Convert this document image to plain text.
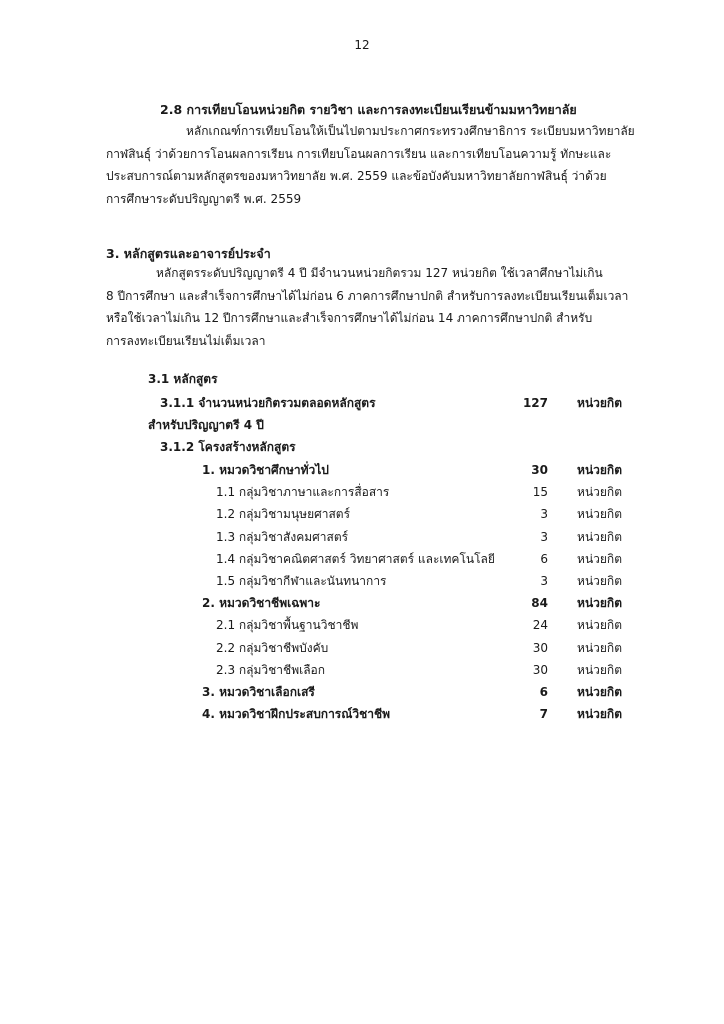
12
2.8 การเทียบโอนหน่วยกิต รายวิชา และการลงทะเบียนเรียนข้ามมหาวิทยาลัย

หลักเกณฑ์การเทียบโอนให้เป็นไปตามประกาศกระทรวงศึกษาธิการ ระเบียบมหาวิทยาลัย

กาฬสินธุ์ ว่าด้วยการโอนผลการเรียน การเทียบโอนผลการเรียน และการเทียบโอนความรู้ ทักษะและ

ประสบการณ์ตามหลักสูตรของมหาวิทยาลัย พ.ศ. 2559 และข้อบังคับมหาวิทยาลัยกาฬสินธุ์ ว่าด้วย

การศึกษาระดับปริญญาตรี พ.ศ. 2559

3. หลักสูตรและอาจารย์ประจำ

หลักสูตรระดับปริญญาตรี 4 ปี มีจำนวนหน่วยกิตรวม 127 หน่วยกิต ใช้เวลาศึกษาไม่เกิน

8 ปีการศึกษา และสำเร็จการศึกษาได้ไม่ก่อน 6 ภาคการศึกษาปกติ สำหรับการลงทะเบียนเรียนเต็มเวลา

หรือใช้เวลาไม่เกิน 12 ปีการศึกษาและสำเร็จการศึกษาได้ไม่ก่อน 14 ภาคการศึกษาปกติ สำหรับ

การลงทะเบียนเรียนไม่เต็มเวลา

3.1 หลักสูตร
3.1.1 จำนวนหน่วยกิตรวมตลอดหลักสูตร	127	หน่วยกิต
สำหรับปริญญาตรี 4 ปี
3.1.2 โครงสร้างหลักสูตร
1. หมวดวิชาศึกษาทั่วไป	30	หน่วยกิต
1.1 กลุ่มวิชาภาษาและการสื่อสาร	15	หน่วยกิต
1.2 กลุ่มวิชามนุษยศาสตร์	3	หน่วยกิต
1.3 กลุ่มวิชาสังคมศาสตร์	3	หน่วยกิต
1.4 กลุ่มวิชาคณิตศาสตร์ วิทยาศาสตร์ และเทคโนโลยี	6	หน่วยกิต
1.5 กลุ่มวิชากีฬาและนันทนาการ	3	หน่วยกิต
2. หมวดวิชาชีพเฉพาะ	84	หน่วยกิต
2.1 กลุ่มวิชาพื้นฐานวิชาชีพ	24	หน่วยกิต
2.2 กลุ่มวิชาชีพบังคับ	30	หน่วยกิต
2.3 กลุ่มวิชาชีพเลือก	30	หน่วยกิต
3. หมวดวิชาเลือกเสรี	6	หน่วยกิต
4. หมวดวิชาฝึกประสบการณ์วิชาชีพ	7	หน่วยกิต
